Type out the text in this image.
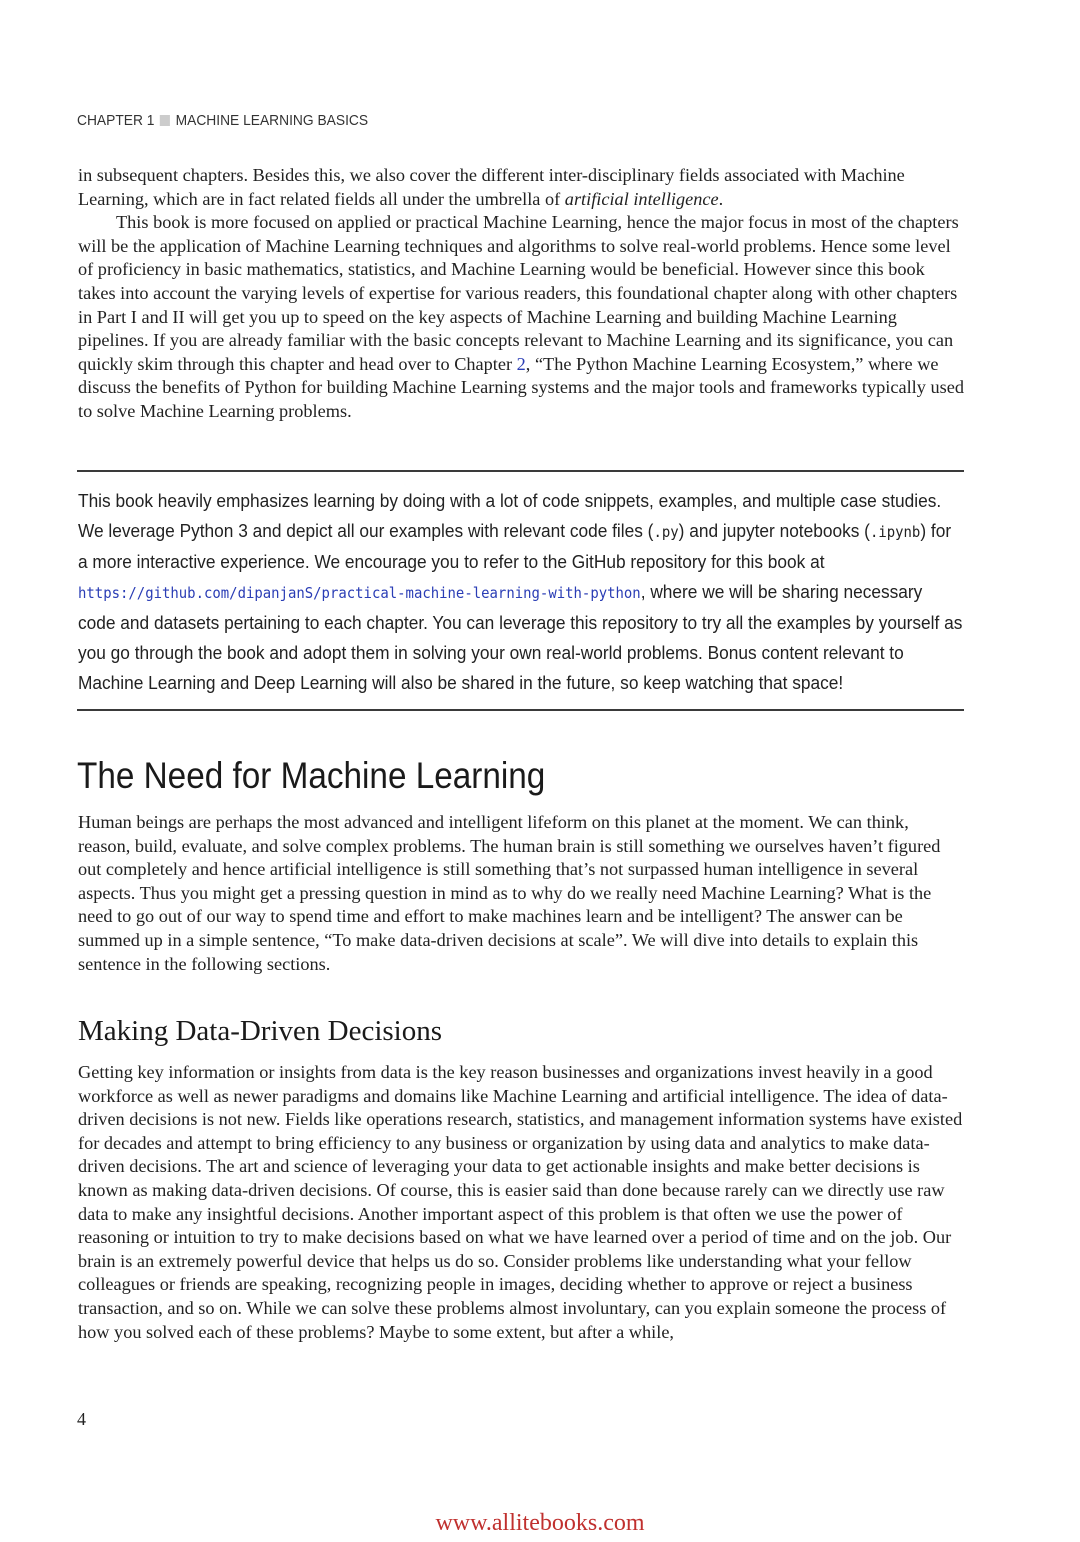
CHAPTER 1 MACHINE LEARNING BASICS

in subsequent chapters. Besides this, we also cover the different inter-disciplinary fields associated with Machine Learning, which are in fact related fields all under the umbrella of artificial intelligence.

This book is more focused on applied or practical Machine Learning, hence the major focus in most of the chapters will be the application of Machine Learning techniques and algorithms to solve real-world problems. Hence some level of proficiency in basic mathematics, statistics, and Machine Learning would be beneficial. However since this book takes into account the varying levels of expertise for various readers, this foundational chapter along with other chapters in Part I and II will get you up to speed on the key aspects of Machine Learning and building Machine Learning pipelines. If you are already familiar with the basic concepts relevant to Machine Learning and its significance, you can quickly skim through this chapter and head over to Chapter 2, “The Python Machine Learning Ecosystem,” where we discuss the benefits of Python for building Machine Learning systems and the major tools and frameworks typically used to solve Machine Learning problems.

This book heavily emphasizes learning by doing with a lot of code snippets, examples, and multiple case studies. We leverage Python 3 and depict all our examples with relevant code files (.py) and jupyter notebooks (.ipynb) for a more interactive experience. We encourage you to refer to the GitHub repository for this book at https://github.com/dipanjanS/practical-machine-learning-with-python, where we will be sharing necessary code and datasets pertaining to each chapter. You can leverage this repository to try all the examples by yourself as you go through the book and adopt them in solving your own real-world problems. Bonus content relevant to Machine Learning and Deep Learning will also be shared in the future, so keep watching that space!
The Need for Machine Learning

Human beings are perhaps the most advanced and intelligent lifeform on this planet at the moment. We can think, reason, build, evaluate, and solve complex problems. The human brain is still something we ourselves haven’t figured out completely and hence artificial intelligence is still something that’s not surpassed human intelligence in several aspects. Thus you might get a pressing question in mind as to why do we really need Machine Learning? What is the need to go out of our way to spend time and effort to make machines learn and be intelligent? The answer can be summed up in a simple sentence, “To make data-driven decisions at scale”. We will dive into details to explain this sentence in the following sections.

Making Data-Driven Decisions

Getting key information or insights from data is the key reason businesses and organizations invest heavily in a good workforce as well as newer paradigms and domains like Machine Learning and artificial intelligence. The idea of data-driven decisions is not new. Fields like operations research, statistics, and management information systems have existed for decades and attempt to bring efficiency to any business or organization by using data and analytics to make data-driven decisions. The art and science of leveraging your data to get actionable insights and make better decisions is known as making data-driven decisions. Of course, this is easier said than done because rarely can we directly use raw data to make any insightful decisions. Another important aspect of this problem is that often we use the power of reasoning or intuition to try to make decisions based on what we have learned over a period of time and on the job. Our brain is an extremely powerful device that helps us do so. Consider problems like understanding what your fellow colleagues or friends are speaking, recognizing people in images, deciding whether to approve or reject a business transaction, and so on. While we can solve these problems almost involuntary, can you explain someone the process of how you solved each of these problems? Maybe to some extent, but after a while,

4
www.allitebooks.com
